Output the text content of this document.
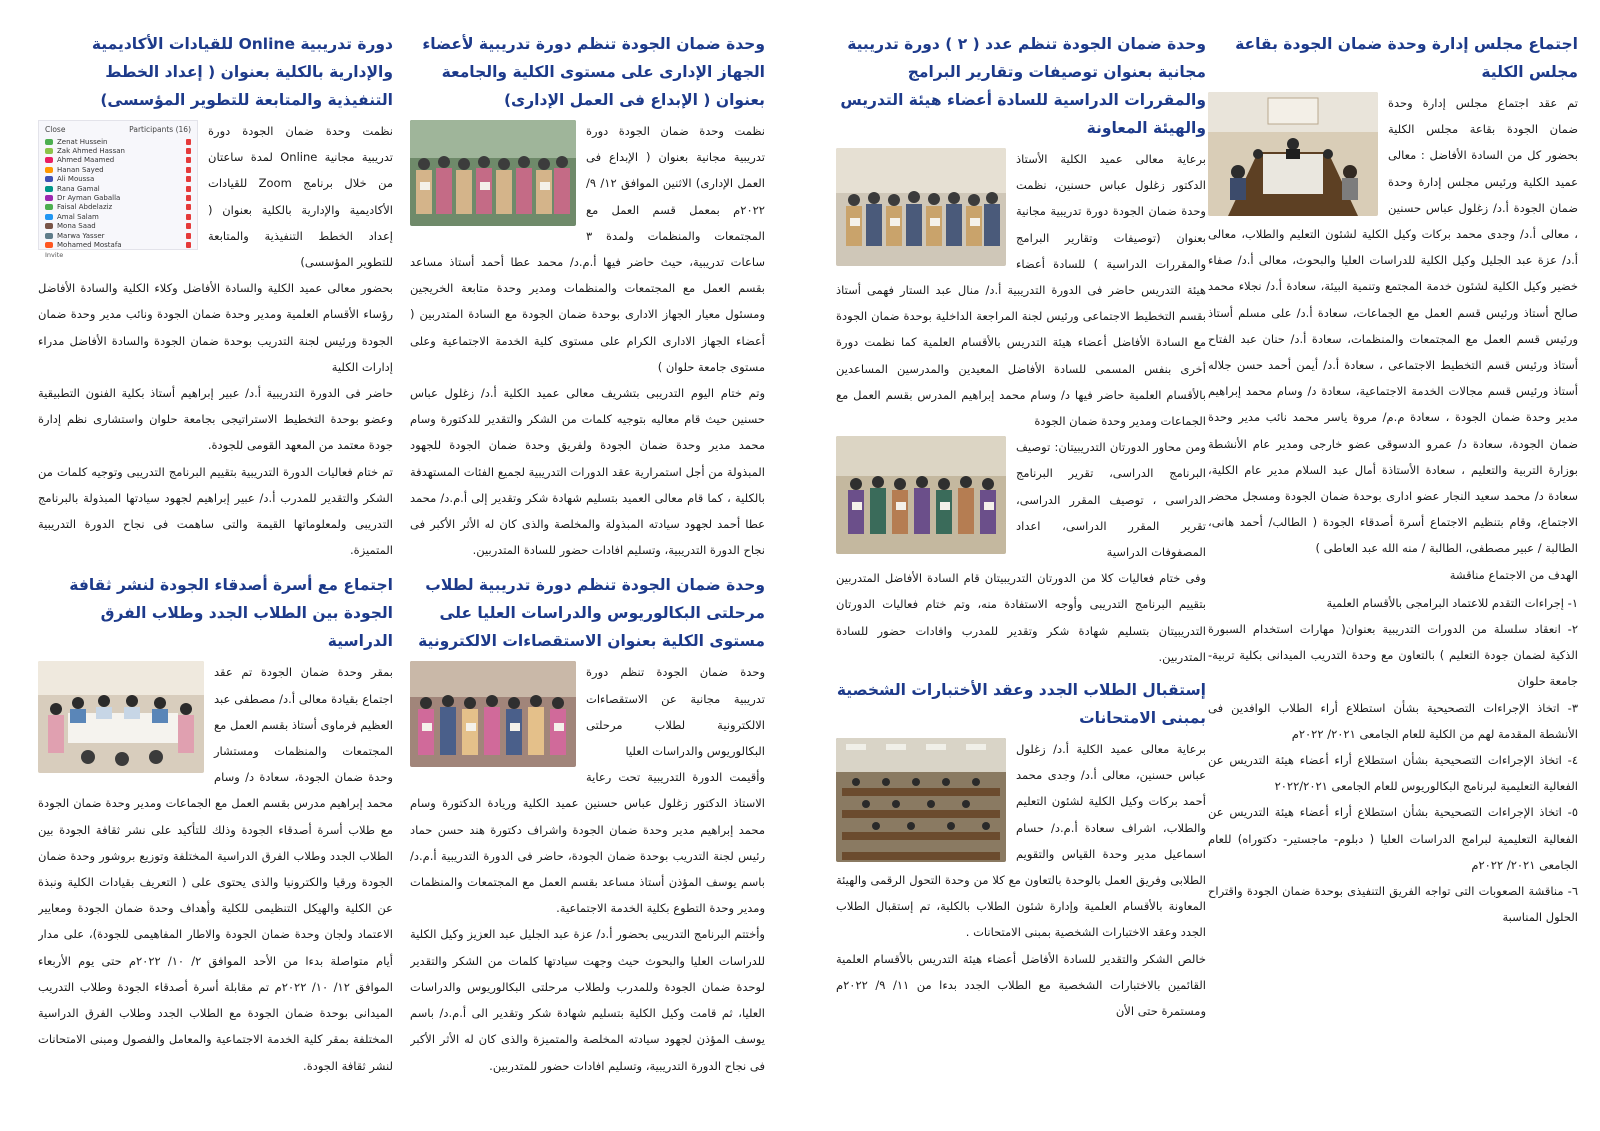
اجتماع مجلس إدارة وحدة ضمان الجودة بقاعة مجلس الكلية

تم عقد اجتماع مجلس إدارة وحدة ضمان الجودة بقاعة مجلس الكلية بحضور كل من السادة الأفاضل : معالى عميد الكلية ورئيس مجلس إدارة وحدة ضمان الجودة أ.د/ زغلول عباس حسنين ، معالى أ.د/ وجدى محمد بركات وكيل الكلية لشئون التعليم والطلاب، معالى أ.د/ عزة عبد الجليل وكيل الكلية للدراسات العليا والبحوث، معالى أ.د/ صفاء خضير وكيل الكلية لشئون خدمة المجتمع وتنمية البيئة، سعادة أ.د/ نجلاء محمد صالح أستاذ ورئيس قسم العمل مع الجماعات، سعادة أ.د/ على مسلم أستاذ ورئيس قسم العمل مع المجتمعات والمنظمات، سعادة أ.د/ حنان عبد الفتاح أستاذ ورئيس قسم التخطيط الاجتماعى ، سعادة أ.د/ أيمن أحمد حسن جلاله أستاذ ورئيس قسم مجالات الخدمة الاجتماعية، سعادة د/ وسام محمد إبراهيم مدير وحدة ضمان الجودة ، سعادة م.م/ مروة ياسر محمد نائب مدير وحدة ضمان الجودة، سعادة د/ عمرو الدسوقى عضو خارجى ومدير عام الأنشطة بوزارة التربية والتعليم ، سعادة الأستاذة أمال عبد السلام مدير عام الكلية، سعادة د/ محمد سعيد النجار عضو ادارى بوحدة ضمان الجودة ومسجل محضر الاجتماع، وقام بتنظيم الاجتماع أسرة أصدقاء الجودة ( الطالب/ أحمد هانى، الطالبة / عبير مصطفى، الطالبة / منه الله عبد العاطى )

الهدف من الاجتماع مناقشة

١- إجراءات التقدم للاعتماد البرامجى بالأقسام العلمية
٢- انعقاد سلسلة من الدورات التدريبية بعنوان( مهارات استخدام السبورة الذكية لضمان جودة التعليم ) بالتعاون مع وحدة التدريب الميدانى بكلية تربية- جامعة حلوان
٣- اتخاذ الإجراءات التصحيحية بشأن استطلاع أراء الطلاب الوافدين فى الأنشطة المقدمة لهم من الكلية للعام الجامعى ٢٠٢١/ ٢٠٢٢م
٤- اتخاذ الإجراءات التصحيحية بشأن استطلاع أراء أعضاء هيئة التدريس عن الفعالية التعليمية لبرنامج البكالوريوس للعام الجامعى ٢٠٢٢/٢٠٢١
٥- اتخاذ الإجراءات التصحيحية بشأن استطلاع أراء أعضاء هيئة التدريس عن الفعالية التعليمية لبرامج الدراسات العليا ( دبلوم- ماجستير- دكتوراه) للعام الجامعى ٢٠٢١/ ٢٠٢٢م
٦- مناقشة الصعوبات التى تواجه الفريق التنفيذى بوحدة ضمان الجودة واقتراح الحلول المناسبة
وحدة ضمان الجودة تنظم عدد ( ٢ ) دورة تدريبية مجانية بعنوان توصيفات وتقارير البرامج والمقررات الدراسية للسادة أعضاء هيئة التدريس والهيئة المعاونة

برعاية معالى عميد الكلية الأستاذ الدكتور زغلول عباس حسنين، نظمت وحدة ضمان الجودة دورة تدريبية مجانية بعنوان (توصيفات وتقارير البرامج والمقررات الدراسية ) للسادة أعضاء هيئة التدريس حاضر فى الدورة التدريبية أ.د/ منال عبد الستار فهمى أستاذ بقسم التخطيط الاجتماعى ورئيس لجنة المراجعة الداخلية بوحدة ضمان الجودة مع السادة الأفاضل أعضاء هيئة التدريس بالأقسام العلمية كما نظمت دورة أخرى بنفس المسمى للسادة الأفاضل المعيدين والمدرسين المساعدين بالأقسام العلمية حاضر فيها د/ وسام محمد إبراهيم المدرس بقسم العمل مع الجماعات ومدير وحدة ضمان الجودة

ومن محاور الدورتان التدريبيتان: توصيف البرنامج الدراسى، تقرير البرنامج الدراسى ، توصيف المقرر الدراسى، تقرير المقرر الدراسى، اعداد المصفوفات الدراسية

وفى ختام فعاليات كلا من الدورتان التدريبيتان قام السادة الأفاضل المتدربين بتقييم البرنامج التدريبى وأوجه الاستفادة منه، وتم ختام فعاليات الدورتان التدريبيتان بتسليم شهادة شكر وتقدير للمدرب وافادات حضور للسادة المتدربين.

إستقبال الطلاب الجدد وعقد الأختبارات الشخصية بمبنى الامتحانات

برعاية معالى عميد الكلية أ.د/ زغلول عباس حسنين، معالى أ.د/ وجدى محمد أحمد بركات وكيل الكلية لشئون التعليم والطلاب، اشراف سعادة أ.م.د/ حسام اسماعيل مدير وحدة القياس والتقويم الطلابى وفريق العمل بالوحدة بالتعاون مع كلا من وحدة التحول الرقمى والهيئة المعاونة بالأقسام العلمية وإدارة شئون الطلاب بالكلية، تم إستقبال الطلاب الجدد وعقد الاختبارات الشخصية بمبنى الامتحانات .

خالص الشكر والتقدير للسادة الأفاضل أعضاء هيئة التدريس بالأقسام العلمية القائمين بالاختبارات الشخصية مع الطلاب الجدد بدءا من ١١/ ٩/ ٢٠٢٢م ومستمرة حتى الأن

وحدة ضمان الجودة تنظم دورة تدريبية لأعضاء الجهاز الإدارى على مستوى الكلية والجامعة بعنوان ( الإبداع فى العمل الإدارى)

نظمت وحدة ضمان الجودة دورة تدريبية مجانية بعنوان ( الإبداع فى العمل الإدارى) الاثنين الموافق ١٢/ ٩/ ٢٠٢٢م بمعمل قسم العمل مع المجتمعات والمنظمات ولمدة ٣ ساعات تدريبية، حيث حاضر فيها أ.م.د/ محمد عطا أحمد أستاذ مساعد بقسم العمل مع المجتمعات والمنظمات ومدير وحدة متابعة الخريجين ومسئول معيار الجهاز الادارى بوحدة ضمان الجودة مع السادة المتدربين ( أعضاء الجهاز الادارى الكرام على مستوى كلية الخدمة الاجتماعية وعلى مستوى جامعة حلوان )

وتم ختام اليوم التدريبى بتشريف معالى عميد الكلية أ.د/ زغلول عباس حسنين حيث قام معاليه بتوجيه كلمات من الشكر والتقدير للدكتورة وسام محمد مدير وحدة ضمان الجودة ولفريق وحدة ضمان الجودة للجهود المبذولة من أجل استمرارية عقد الدورات التدريبية لجميع الفئات المستهدفة بالكلية ، كما قام معالى العميد بتسليم شهادة شكر وتقدير إلى أ.م.د/ محمد عطا أحمد لجهود سيادته المبذولة والمخلصة والذى كان له الأثر الأكبر فى نجاح الدورة التدريبية، وتسليم افادات حضور للسادة المتدربين.

وحدة ضمان الجودة تنظم دورة تدريبية لطلاب مرحلتى البكالوريوس والدراسات العليا على مستوى الكلية بعنوان الاستقصاءات الالكترونية

وحدة ضمان الجودة تنظم دورة تدريبية مجانية عن الاستقصاءات الالكترونية لطلاب مرحلتى البكالوريوس والدراسات العليا

وأقيمت الدورة التدريبية تحت رعاية الاستاذ الدكتور زغلول عباس حسنين عميد الكلية وريادة الدكتورة وسام محمد إبراهيم مدير وحدة ضمان الجودة واشراف دكتورة هند حسن حماد رئيس لجنة التدريب بوحدة ضمان الجودة، حاضر فى الدورة التدريبية أ.م.د/ باسم يوسف المؤذن أستاذ مساعد بقسم العمل مع المجتمعات والمنظمات ومدير وحدة التطوع بكلية الخدمة الاجتماعية.

وأختتم البرنامج التدريبى بحضور أ.د/ عزة عبد الجليل عبد العزيز وكيل الكلية للدراسات العليا والبحوث حيث وجهت سيادتها كلمات من الشكر والتقدير لوحدة ضمان الجودة وللمدرب ولطلاب مرحلتى البكالوريوس والدراسات العليا، ثم قامت وكيل الكلية بتسليم شهادة شكر وتقدير الى أ.م.د/ باسم يوسف المؤذن لجهود سيادته المخلصة والمتميزة والذى كان له الأثر الأكبر فى نجاح الدورة التدريبية، وتسليم افادات حضور للمتدربين.

دورة تدريبية Online للقيادات الأكاديمية والإدارية بالكلية بعنوان ( إعداد الخطط التنفيذية والمتابعة للتطوير المؤسسى)
Close	Participants (16)
Zenat Hussein
Zak Ahmed Hassan
Ahmed Maamed
Hanan Sayed
Ali Moussa
Rana Gamal
Dr Ayman Gaballa
Faisal Abdelaziz
Amal Salam
Mona Saad
Marwa Yasser
Mohamed Mostafa
Invite

نظمت وحدة ضمان الجودة دورة تدريبية مجانية Online لمدة ساعتان من خلال برنامج Zoom للقيادات الأكاديمية والإدارية بالكلية بعنوان ( إعداد الخطط التنفيذية والمتابعة للتطوير المؤسسى)

بحضور معالى عميد الكلية والسادة الأفاضل وكلاء الكلية والسادة الأفاضل رؤساء الأقسام العلمية ومدير وحدة ضمان الجودة ونائب مدير وحدة ضمان الجودة ورئيس لجنة التدريب بوحدة ضمان الجودة والسادة الأفاضل مدراء إدارات الكلية

حاضر فى الدورة التدريبية أ.د/ عبير إبراهيم أستاذ بكلية الفنون التطبيقية وعضو بوحدة التخطيط الاستراتيجى بجامعة حلوان واستشارى نظم إدارة جودة معتمد من المعهد القومى للجودة.

تم ختام فعاليات الدورة التدريبية بتقييم البرنامج التدريبى وتوجيه كلمات من الشكر والتقدير للمدرب أ.د/ عبير إبراهيم لجهود سيادتها المبذولة بالبرنامج التدريبى ولمعلوماتها القيمة والتى ساهمت فى نجاح الدورة التدريبية المتميزة.

اجتماع مع أسرة أصدقاء الجودة لنشر ثقافة الجودة بين الطلاب الجدد وطلاب الفرق الدراسية

بمقر وحدة ضمان الجودة تم عقد اجتماع بقيادة معالى أ.د/ مصطفى عبد العظيم فرماوى أستاذ بقسم العمل مع المجتمعات والمنظمات ومستشار وحدة ضمان الجودة، سعادة د/ وسام محمد إبراهيم مدرس بقسم العمل مع الجماعات ومدير وحدة ضمان الجودة مع طلاب أسرة أصدقاء الجودة وذلك للتأكيد على نشر ثقافة الجودة بين الطلاب الجدد وطلاب الفرق الدراسية المختلفة وتوزيع بروشور وحدة ضمان الجودة ورقيا والكترونيا والذى يحتوى على ( التعريف بقيادات الكلية ونبذة عن الكلية والهيكل التنظيمى للكلية وأهداف وحدة ضمان الجودة ومعايير الاعتماد ولجان وحدة ضمان الجودة والاطار المفاهيمى للجودة)، على مدار أيام متواصلة بدءا من الأحد الموافق ٢/ ١٠/ ٢٠٢٢م حتى يوم الأربعاء الموافق ١٢/ ١٠/ ٢٠٢٢م تم مقابلة أسرة أصدقاء الجودة وطلاب التدريب الميدانى بوحدة ضمان الجودة مع الطلاب الجدد وطلاب الفرق الدراسية المختلفة بمقر كلية الخدمة الاجتماعية والمعامل والفصول ومبنى الامتحانات لنشر ثقافة الجودة.
